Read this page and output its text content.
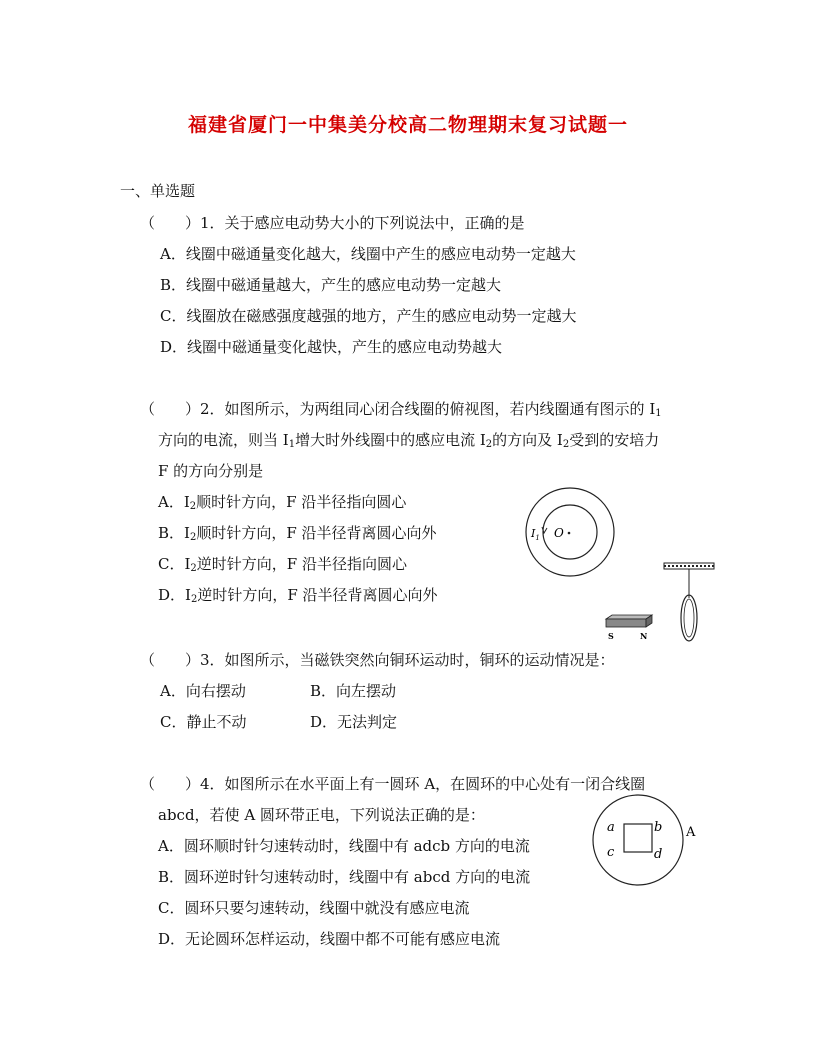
福建省厦门一中集美分校高二物理期末复习试题一
一、单选题
（　　）1．关于感应电动势大小的下列说法中，正确的是
A．线圈中磁通量变化越大，线圈中产生的感应电动势一定越大
B．线圈中磁通量越大，产生的感应电动势一定越大
C．线圈放在磁感强度越强的地方，产生的感应电动势一定越大
D．线圈中磁通量变化越快，产生的感应电动势越大
（　　）2．如图所示，为两组同心闭合线圈的俯视图，若内线圈通有图示的 $I_1$
方向的电流，则当 $I_1$增大时外线圈中的感应电流 $I_2$的方向及 $I_2$受到的安培力
F 的方向分别是
A．$I_2$顺时针方向，F 沿半径指向圆心
B．$I_2$顺时针方向，F 沿半径背离圆心向外
C．$I_2$逆时针方向，F 沿半径指向圆心
D．$I_2$逆时针方向，F 沿半径背离圆心向外
$I_1$ O
S	N
（　　）3．如图所示，当磁铁突然向铜环运动时，铜环的运动情况是：
A．向右摆动	B．向左摆动
C．静止不动	D．无法判定
（　　）4．如图所示在水平面上有一圆环 A，在圆环的中心处有一闭合线圈
abcd，若使 A 圆环带正电，下列说法正确的是：
A．圆环顺时针匀速转动时，线圈中有 adcb 方向的电流
B．圆环逆时针匀速转动时，线圈中有 abcd 方向的电流
C．圆环只要匀速转动，线圈中就没有感应电流
D．无论圆环怎样运动，线圈中都不可能有感应电流
a	b
c	d
A
